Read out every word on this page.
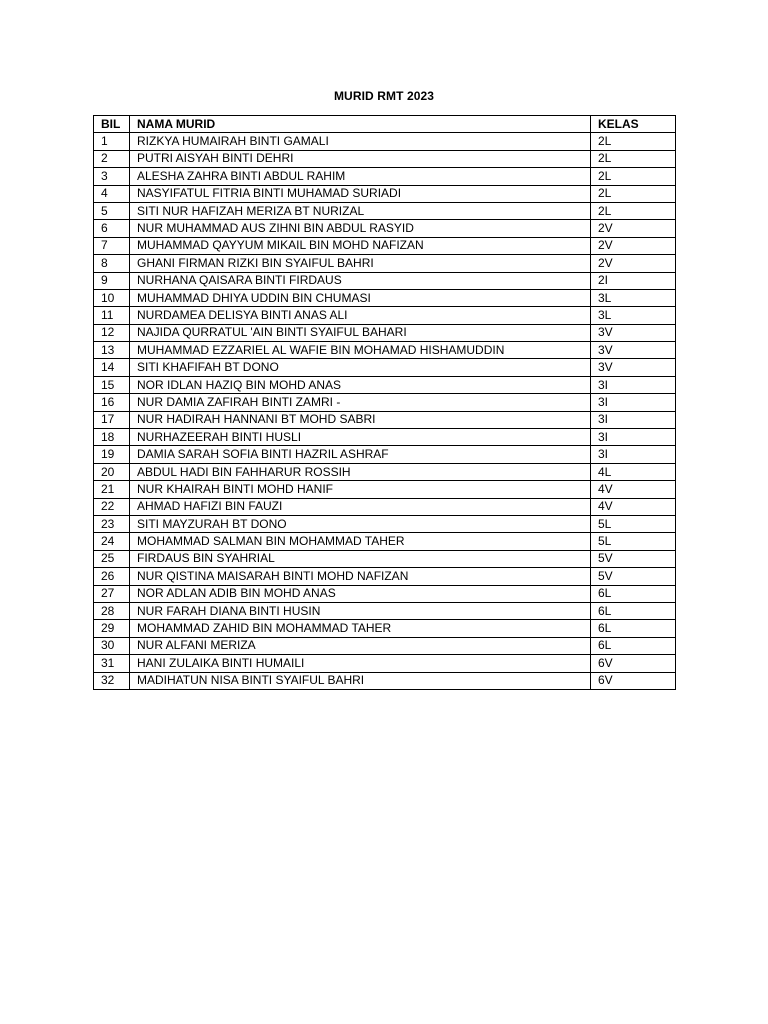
MURID RMT 2023
BIL	NAMA MURID	KELAS
1	RIZKYA HUMAIRAH BINTI GAMALI	2L
2	PUTRI AISYAH BINTI DEHRI	2L
3	ALESHA ZAHRA BINTI ABDUL RAHIM	2L
4	NASYIFATUL FITRIA BINTI MUHAMAD SURIADI	2L
5	SITI NUR HAFIZAH MERIZA BT NURIZAL	2L
6	NUR MUHAMMAD AUS ZIHNI BIN ABDUL RASYID	2V
7	MUHAMMAD QAYYUM MIKAIL BIN MOHD NAFIZAN	2V
8	GHANI FIRMAN RIZKI BIN SYAIFUL BAHRI	2V
9	NURHANA QAISARA BINTI FIRDAUS	2I
10	MUHAMMAD DHIYA UDDIN BIN CHUMASI	3L
11	NURDAMEA DELISYA BINTI ANAS ALI	3L
12	NAJIDA QURRATUL 'AIN BINTI SYAIFUL BAHARI	3V
13	MUHAMMAD EZZARIEL AL WAFIE BIN MOHAMAD HISHAMUDDIN	3V
14	SITI KHAFIFAH BT DONO	3V
15	NOR IDLAN HAZIQ BIN MOHD ANAS	3I
16	NUR DAMIA ZAFIRAH BINTI ZAMRI -	3I
17	NUR HADIRAH HANNANI BT MOHD SABRI	3I
18	NURHAZEERAH BINTI HUSLI	3I
19	DAMIA SARAH SOFIA BINTI HAZRIL ASHRAF	3I
20	ABDUL HADI BIN FAHHARUR ROSSIH	4L
21	NUR KHAIRAH BINTI MOHD HANIF	4V
22	AHMAD HAFIZI BIN FAUZI	4V
23	SITI MAYZURAH BT DONO	5L
24	MOHAMMAD SALMAN BIN MOHAMMAD TAHER	5L
25	FIRDAUS BIN SYAHRIAL	5V
26	NUR QISTINA MAISARAH BINTI MOHD NAFIZAN	5V
27	NOR ADLAN ADIB BIN MOHD ANAS	6L
28	NUR FARAH DIANA BINTI HUSIN	6L
29	MOHAMMAD ZAHID BIN MOHAMMAD TAHER	6L
30	NUR ALFANI MERIZA	6L
31	HANI ZULAIKA BINTI HUMAILI	6V
32	MADIHATUN NISA BINTI SYAIFUL BAHRI	6V
